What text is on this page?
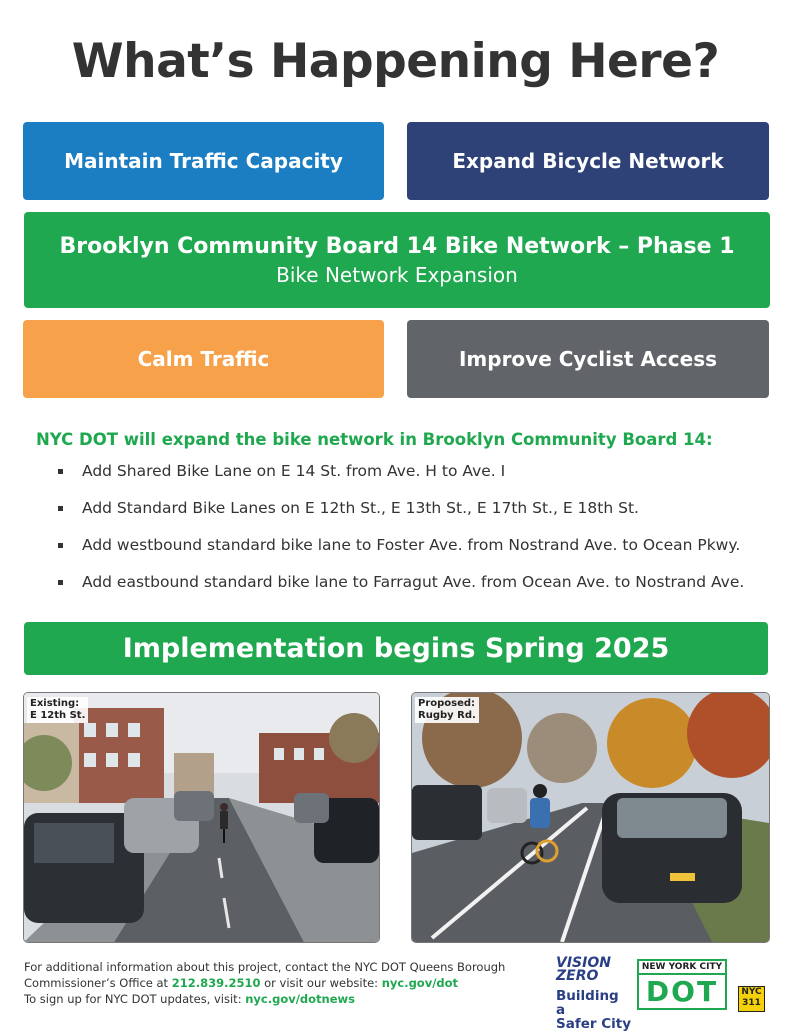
What’s Happening Here?
Maintain Traffic Capacity	Expand Bicycle Network
Brooklyn Community Board 14 Bike Network – Phase 1
Bike Network Expansion
Calm Traffic	Improve Cyclist Access
NYC DOT will expand the bike network in Brooklyn Community Board 14:
Add Shared Bike Lane on E 14 St. from Ave. H to Ave. I
Add Standard Bike Lanes on E 12th St., E 13th St., E 17th St., E 18th St.
Add westbound standard bike lane to Foster Ave. from Nostrand Ave. to Ocean Pkwy.
Add eastbound standard bike lane to Farragut Ave. from Ocean Ave. to Nostrand Ave.
Implementation begins Spring 2025
Existing:
E 12th St.
Proposed:
Rugby Rd.
For additional information about this project, contact the NYC DOT Queens Borough
Commissioner’s Office at 212.839.2510 or visit our website: nyc.gov/dot
To sign up for NYC DOT updates, visit: nyc.gov/dotnews
VISION
ZERO
Building a
Safer City
NEW YORK CITY
DOT	NYC
311
